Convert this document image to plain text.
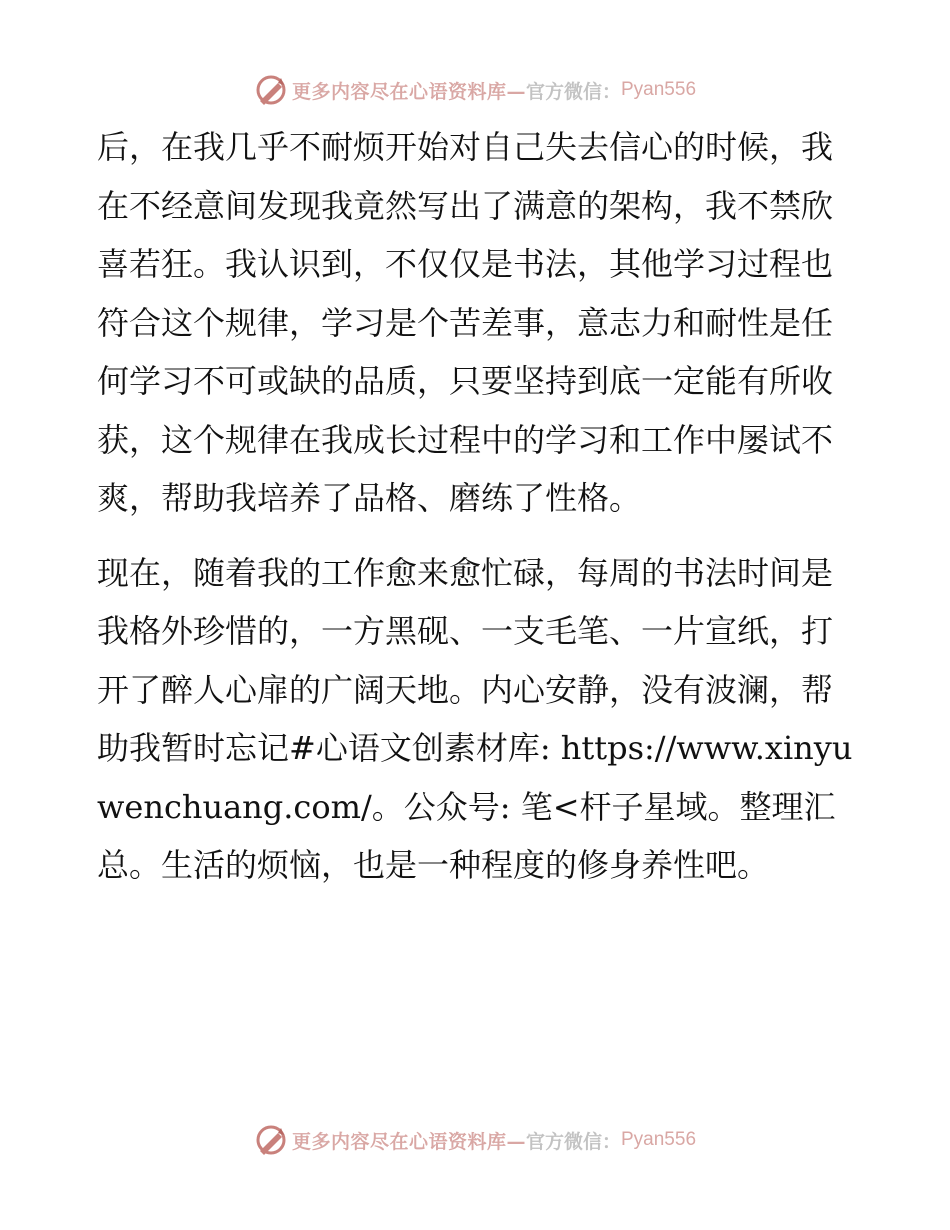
更多内容尽在心语资料库— 官方微信： Pyan556

后，在我几乎不耐烦开始对自己失去信心的时候，我在不经意间发现我竟然写出了满意的架构，我不禁欣喜若狂。我认识到，不仅仅是书法，其他学习过程也符合这个规律，学习是个苦差事，意志力和耐性是任何学习不可或缺的品质，只要坚持到底一定能有所收获，这个规律在我成长过程中的学习和工作中屡试不爽，帮助我培养了品格、磨练了性格。

现在，随着我的工作愈来愈忙碌，每周的书法时间是我格外珍惜的，一方黑砚、一支毛笔、一片宣纸，打开了醉人心扉的广阔天地。内心安静，没有波澜，帮助我暂时忘记#心语文创素材库: https://www.xinyuwenchuang.com/。公众号: 笔<杆子星域。整理汇总。生活的烦恼，也是一种程度的修身养性吧。

更多内容尽在心语资料库— 官方微信： Pyan556
